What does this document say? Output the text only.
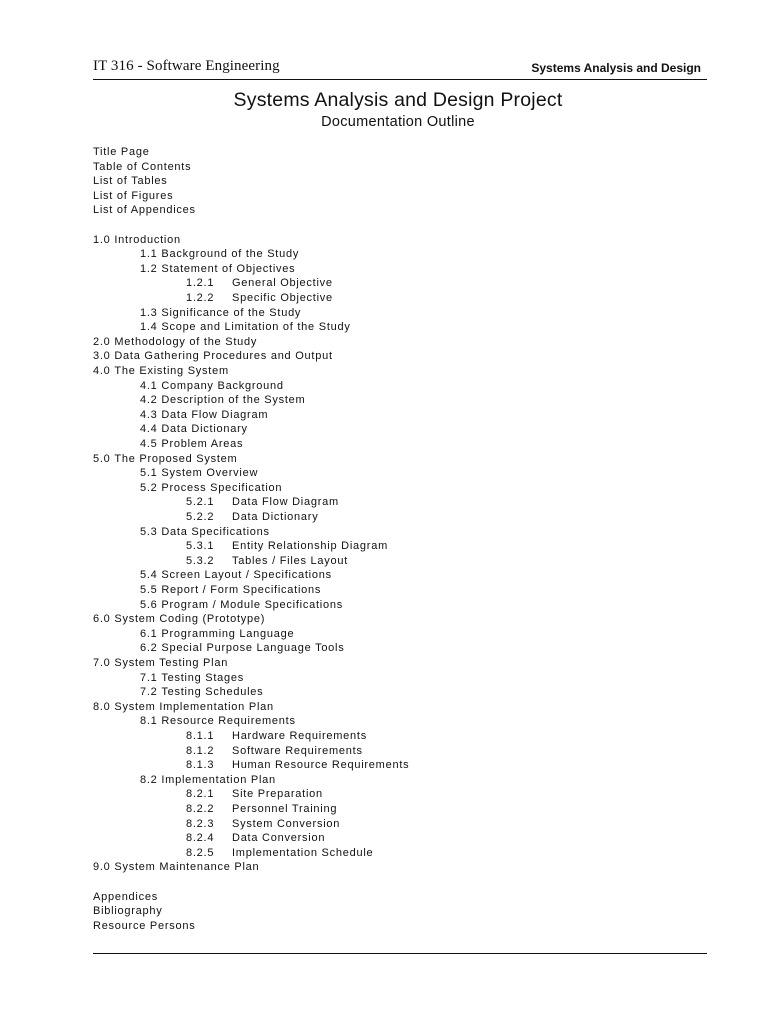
IT 316 - Software Engineering	Systems Analysis and Design
Systems Analysis and Design Project
Documentation Outline
Title Page
Table of Contents
List of Tables
List of Figures
List of Appendices
1.0 Introduction
1.1 Background of the Study
1.2 Statement of Objectives
1.2.1 General Objective
1.2.2 Specific Objective
1.3 Significance of the Study
1.4 Scope and Limitation of the Study
2.0 Methodology of the Study
3.0 Data Gathering Procedures and Output
4.0 The Existing System
4.1 Company Background
4.2 Description of the System
4.3 Data Flow Diagram
4.4 Data Dictionary
4.5 Problem Areas
5.0 The Proposed System
5.1 System Overview
5.2 Process Specification
5.2.1 Data Flow Diagram
5.2.2 Data Dictionary
5.3 Data Specifications
5.3.1 Entity Relationship Diagram
5.3.2 Tables / Files Layout
5.4 Screen Layout / Specifications
5.5 Report / Form Specifications
5.6 Program / Module Specifications
6.0 System Coding (Prototype)
6.1 Programming Language
6.2 Special Purpose Language Tools
7.0 System Testing Plan
7.1 Testing Stages
7.2 Testing Schedules
8.0 System Implementation Plan
8.1 Resource Requirements
8.1.1 Hardware Requirements
8.1.2 Software Requirements
8.1.3 Human Resource Requirements
8.2 Implementation Plan
8.2.1 Site Preparation
8.2.2 Personnel Training
8.2.3 System Conversion
8.2.4 Data Conversion
8.2.5 Implementation Schedule
9.0 System Maintenance Plan
Appendices
Bibliography
Resource Persons
